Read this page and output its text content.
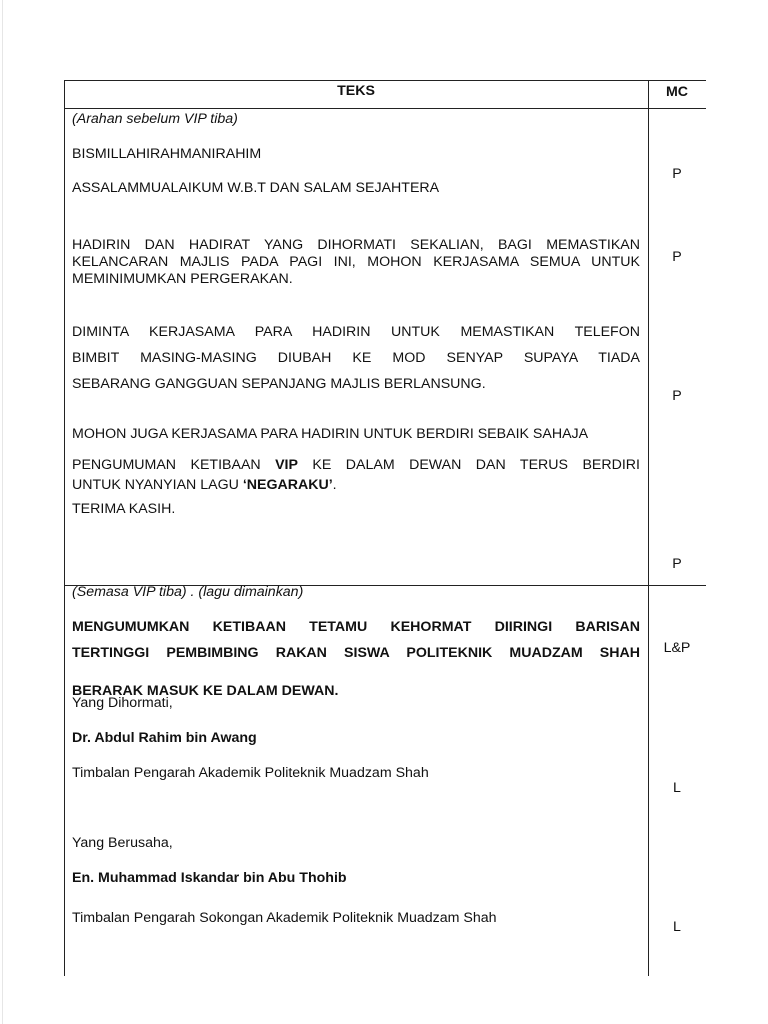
TEKS	MC
(Arahan sebelum VIP tiba)
BISMILLAHIRAHMANIRAHIM
ASSALAMMUALAIKUM W.B.T DAN SALAM SEJAHTERA
HADIRIN DAN HADIRAT YANG DIHORMATI SEKALIAN, BAGI MEMASTIKAN
KELANCARAN MAJLIS PADA PAGI INI, MOHON KERJASAMA SEMUA UNTUK
MEMINIMUMKAN PERGERAKAN.
DIMINTA KERJASAMA PARA HADIRIN UNTUK MEMASTIKAN TELEFON
BIMBIT MASING-MASING DIUBAH KE MOD SENYAP SUPAYA TIADA
SEBARANG GANGGUAN SEPANJANG MAJLIS BERLANSUNG.
MOHON JUGA KERJASAMA PARA HADIRIN UNTUK BERDIRI SEBAIK SAHAJA
PENGUMUMAN KETIBAAN VIP KE DALAM DEWAN DAN TERUS BERDIRI
UNTUK NYANYIAN LAGU ‘NEGARAKU’.
TERIMA KASIH.
P
P
P
P
(Semasa VIP tiba) . (lagu dimainkan)
MENGUMUMKAN KETIBAAN TETAMU KEHORMAT DIIRINGI BARISAN
TERTINGGI PEMBIMBING RAKAN SISWA POLITEKNIK MUADZAM SHAH
BERARAK MASUK KE DALAM DEWAN.
Yang Dihormati,
Dr. Abdul Rahim bin Awang
Timbalan Pengarah Akademik Politeknik Muadzam Shah
Yang Berusaha,
En. Muhammad Iskandar bin Abu Thohib
Timbalan Pengarah Sokongan Akademik Politeknik Muadzam Shah
L&P
L
L
